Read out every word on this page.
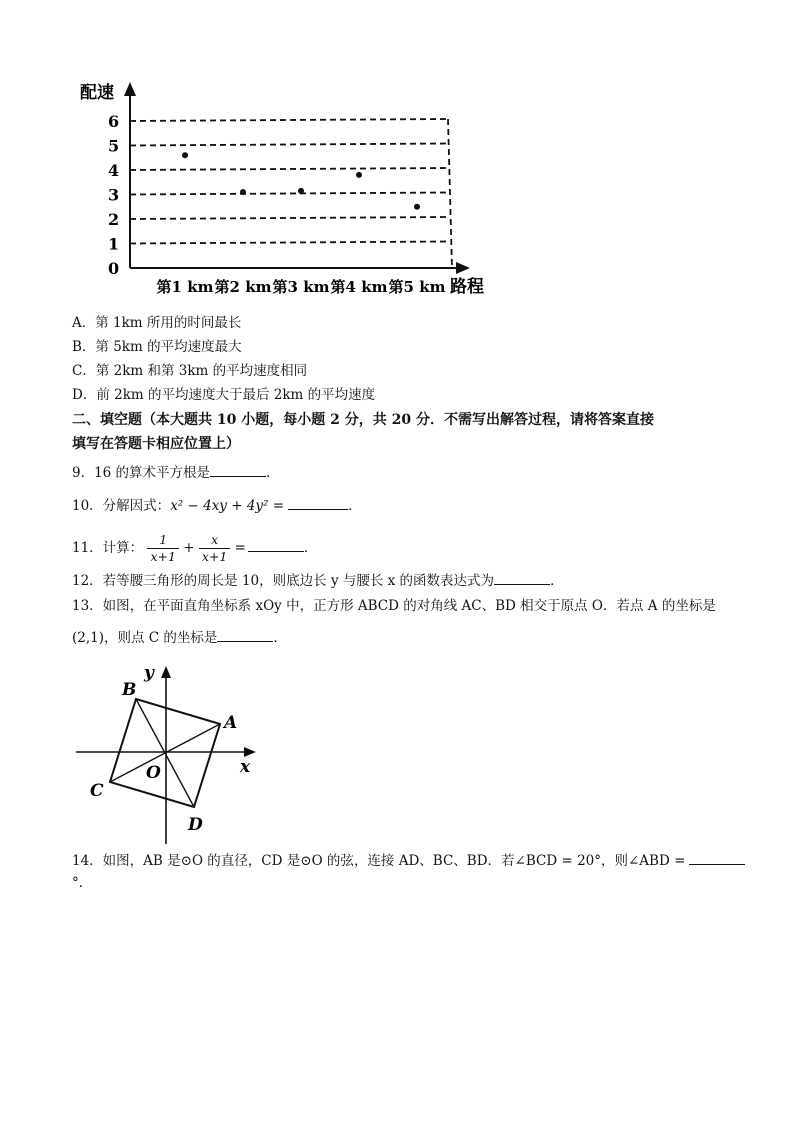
配速
路程
0
1
2
3
4
5
6
第1 km 第2 km 第3 km 第4 km 第5 km
A．第 1km 所用的时间最长
B．第 5km 的平均速度最大
C．第 2km 和第 3km 的平均速度相同
D．前 2km 的平均速度大于最后 2km 的平均速度
二、填空题（本大题共 10 小题，每小题 2 分，共 20 分．不需写出解答过程，请将答案直接
填写在答题卡相应位置上）
9．16 的算术平方根是	．
10．分解因式：x² − 4xy + 4y² =	．
11．计算： $\frac{1}{x+1} + \frac{x}{x+1}$ =	．
12．若等腰三角形的周长是 10，则底边长 y 与腰长 x 的函数表达式为	．
13．如图，在平面直角坐标系 xOy 中，正方形 ABCD 的对角线 AC、BD 相交于原点 O．若点 A 的坐标是
(2,1)，则点 C 的坐标是	．
A
B
C
D
O	x
y
14．如图，AB 是⊙O 的直径，CD 是⊙O 的弦，连接 AD、BC、BD．若∠BCD = 20°，则∠ABD =
°．
